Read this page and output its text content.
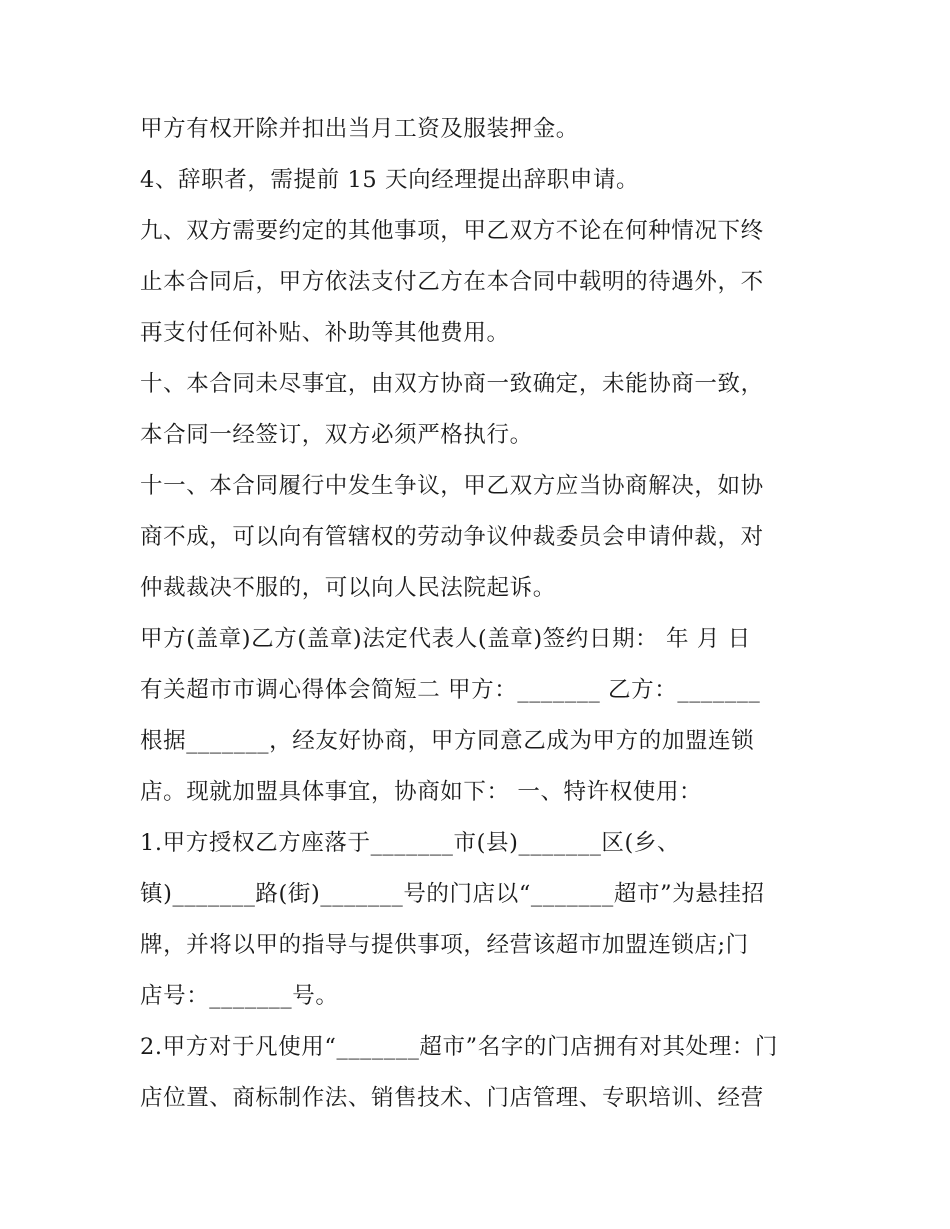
甲方有权开除并扣出当月工资及服装押金。
4、辞职者，需提前 15 天向经理提出辞职申请。
九、双方需要约定的其他事项，甲乙双方不论在何种情况下终
止本合同后，甲方依法支付乙方在本合同中载明的待遇外，不
再支付任何补贴、补助等其他费用。
十、本合同未尽事宜，由双方协商一致确定，未能协商一致，
本合同一经签订，双方必须严格执行。
十一、本合同履行中发生争议，甲乙双方应当协商解决，如协
商不成，可以向有管辖权的劳动争议仲裁委员会申请仲裁，对
仲裁裁决不服的，可以向人民法院起诉。
甲方(盖章)乙方(盖章)法定代表人(盖章)签约日期： 年 月 日
有关超市市调心得体会简短二 甲方：_______ 乙方：_______
根据_______，经友好协商，甲方同意乙成为甲方的加盟连锁
店。现就加盟具体事宜，协商如下： 一、特许权使用：
1.甲方授权乙方座落于_______市(县)_______区(乡、
镇)_______路(街)_______号的门店以“_______超市”为悬挂招
牌，并将以甲的指导与提供事项，经营该超市加盟连锁店;门
店号：_______号。
2.甲方对于凡使用“_______超市”名字的门店拥有对其处理：门
店位置、商标制作法、销售技术、门店管理、专职培训、经营
